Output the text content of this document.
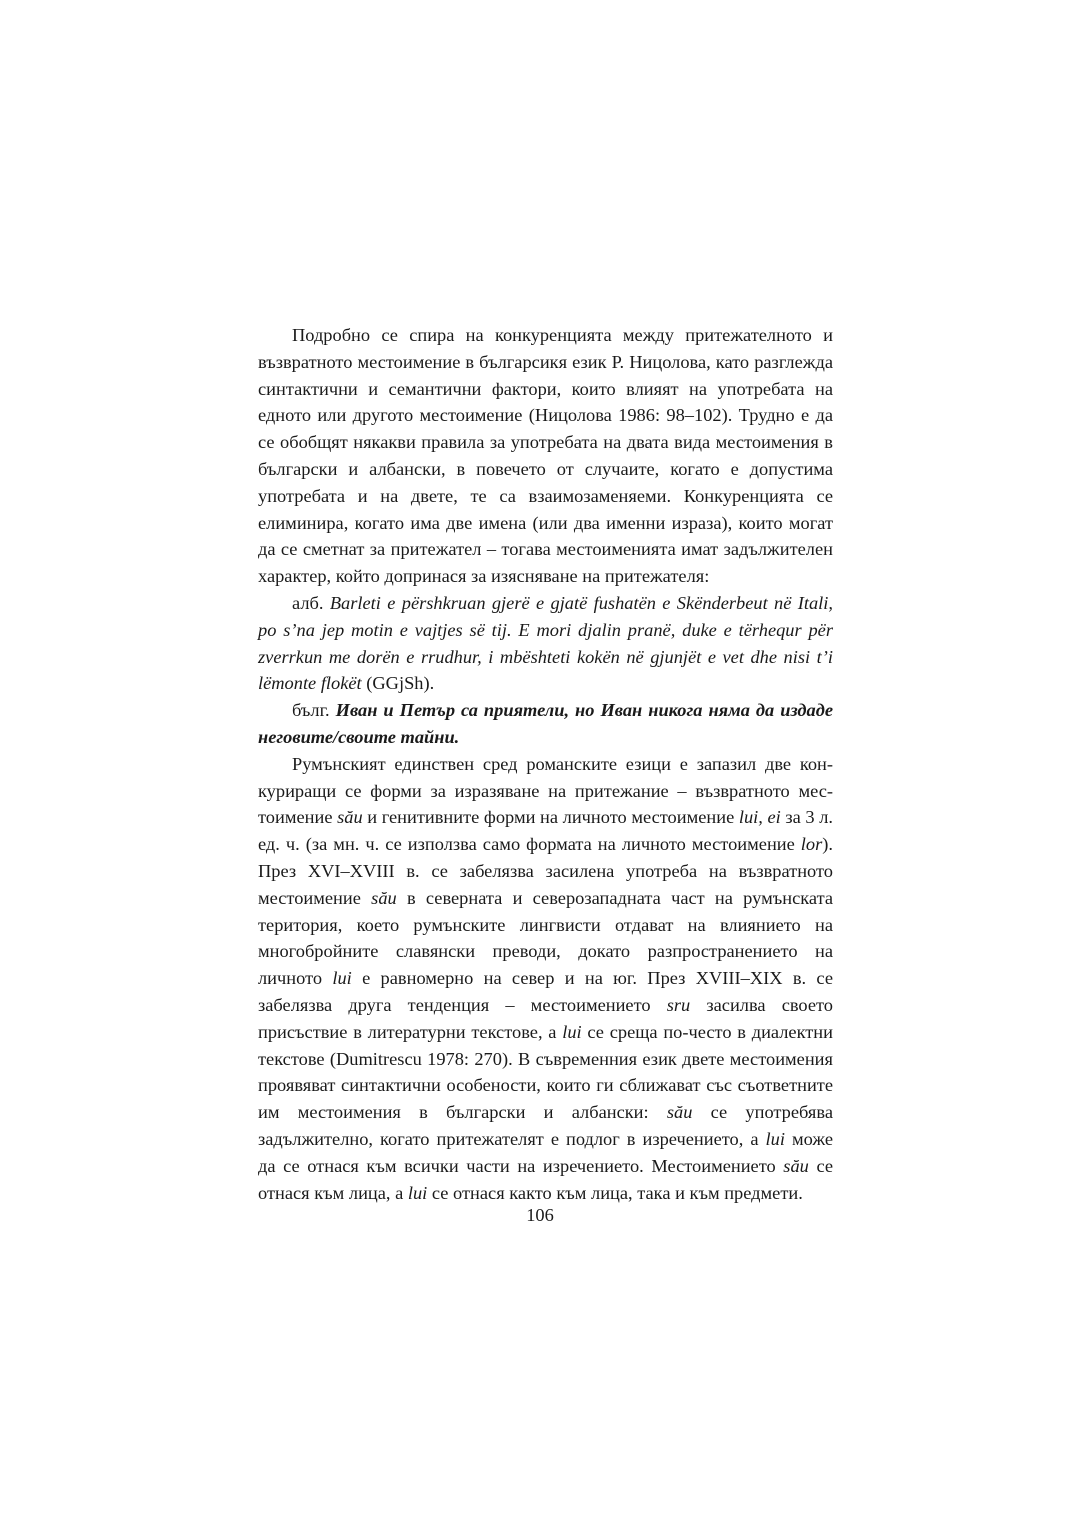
Подробно се спира на конкуренцията между притежателното и възвратното местоимение в българсикя език Р. Ницолова, като разглежда синтактични и семантични фактори, които влияят на употребата на едното или другото местоимение (Ницолова 1986: 98–102). Трудно е да се обобщят някакви правила за употребата на двата вида местоимения в български и албански, в повечето от случаите, когато е допустима употребата и на двете, те са взаимозаменяеми. Конкуренцията се елиминира, когато има две имена (или два именни израза), които могат да се сметнат за притежател – тогава местоименията имат задължителен характер, който допринася за изясняване на притежателя:

алб. Barleti e përshkruan gjerë e gjatë fushatën e Skënderbeut në Itali, po s’na jep motin e vajtjes së tij. E mori djalin pranë, duke e tërhequr për zverrkun me dorën e rrudhur, i mbështeti kokën në gjunjët e vet dhe nisi t’i lëmonte flokët (GGjSh).

бълг. Иван и Петър са приятели, но Иван никога няма да издаде неговите/своите тайни.

Румънският единствен сред романските езици е запазил две конкуриращи се форми за изразяване на притежание – възвратното местоимение său и генитивните форми на личното местоимение lui, ei за 3 л. ед. ч. (за мн. ч. се използва само формата на личното местоимение lor). През XVI–XVIII в. се забелязва засилена употреба на възвратното местоимение său в северната и северозападната част на румънската територия, което румънските лингвисти отдават на влиянието на многобройните славянски преводи, докато разпространението на личното lui е равномерно на север и на юг. През XVIII–XIX в. се забелязва друга тенденция – местоимението sru засилва своето присъствие в литературни текстове, а lui се среща по-често в диалектни текстове (Dumitrescu 1978: 270). В съвременния език двете местоимения проявяват синтактични особености, които ги сближават със съответните им местоимения в български и албански: său се употребява задължително, когато притежателят е подлог в изречението, а lui може да се отнася към всички части на изречението. Местоимението său се отнася към лица, а lui се отнася както към лица, така и към предмети.

106
